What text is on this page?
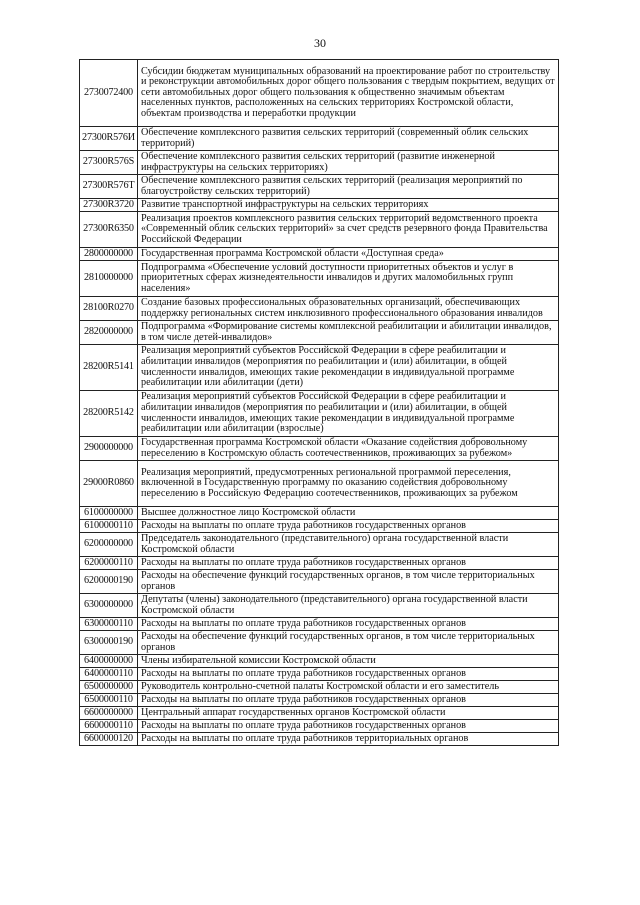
30
2730072400	Субсидии бюджетам муниципальных образований на проектирование работ по строительству и реконструкции автомобильных дорог общего пользования с твердым покрытием, ведущих от сети автомобильных дорог общего пользования к общественно значимым объектам населенных пунктов, расположенных на сельских территориях Костромской области, объектам производства и переработки продукции
27300R576И	Обеспечение комплексного развития сельских территорий (современный облик сельских территорий)
27300R576S	Обеспечение комплексного развития сельских территорий (развитие инженерной инфраструктуры на сельских территориях)
27300R576T	Обеспечение комплексного развития сельских территорий (реализация мероприятий по благоустройству сельских территорий)
27300R3720	Развитие транспортной инфраструктуры на сельских территориях
27300R6350	Реализация проектов комплексного развития сельских территорий ведомственного проекта «Современный облик сельских территорий» за счет средств резервного фонда Правительства Российской Федерации
2800000000	Государственная программа Костромской области «Доступная среда»
2810000000	Подпрограмма «Обеспечение условий доступности приоритетных объектов и услуг в приоритетных сферах жизнедеятельности инвалидов и других маломобильных групп населения»
28100R0270	Создание базовых профессиональных образовательных организаций, обеспечивающих поддержку региональных систем инклюзивного профессионального образования инвалидов
2820000000	Подпрограмма «Формирование системы комплексной реабилитации и абилитации инвалидов, в том числе детей-инвалидов»
28200R5141	Реализация мероприятий субъектов Российской Федерации в сфере реабилитации и абилитации инвалидов (мероприятия по реабилитации и (или) абилитации, в общей численности инвалидов, имеющих такие рекомендации в индивидуальной программе реабилитации или абилитации (дети)
28200R5142	Реализация мероприятий субъектов Российской Федерации в сфере реабилитации и абилитации инвалидов (мероприятия по реабилитации и (или) абилитации, в общей численности инвалидов, имеющих такие рекомендации в индивидуальной программе реабилитации или абилитации (взрослые)
2900000000	Государственная программа Костромской области «Оказание содействия добровольному переселению в Костромскую область соотечественников, проживающих за рубежом»
29000R0860	Реализация мероприятий, предусмотренных региональной программой переселения, включенной в Государственную программу по оказанию содействия добровольному переселению в Российскую Федерацию соотечественников, проживающих за рубежом
6100000000	Высшее должностное лицо Костромской области
6100000110	Расходы на выплаты по оплате труда работников государственных органов
6200000000	Председатель законодательного (представительного) органа государственной власти Костромской области
6200000110	Расходы на выплаты по оплате труда работников государственных органов
6200000190	Расходы на обеспечение функций государственных органов, в том числе территориальных органов
6300000000	Депутаты (члены) законодательного (представительного) органа государственной власти Костромской области
6300000110	Расходы на выплаты по оплате труда работников государственных органов
6300000190	Расходы на обеспечение функций государственных органов, в том числе территориальных органов
6400000000	Члены избирательной комиссии Костромской области
6400000110	Расходы на выплаты по оплате труда работников государственных органов
6500000000	Руководитель контрольно-счетной палаты Костромской области и его заместитель
6500000110	Расходы на выплаты по оплате труда работников государственных органов
6600000000	Центральный аппарат государственных органов Костромской области
6600000110	Расходы на выплаты по оплате труда работников государственных органов
6600000120	Расходы на выплаты по оплате труда работников территориальных органов
